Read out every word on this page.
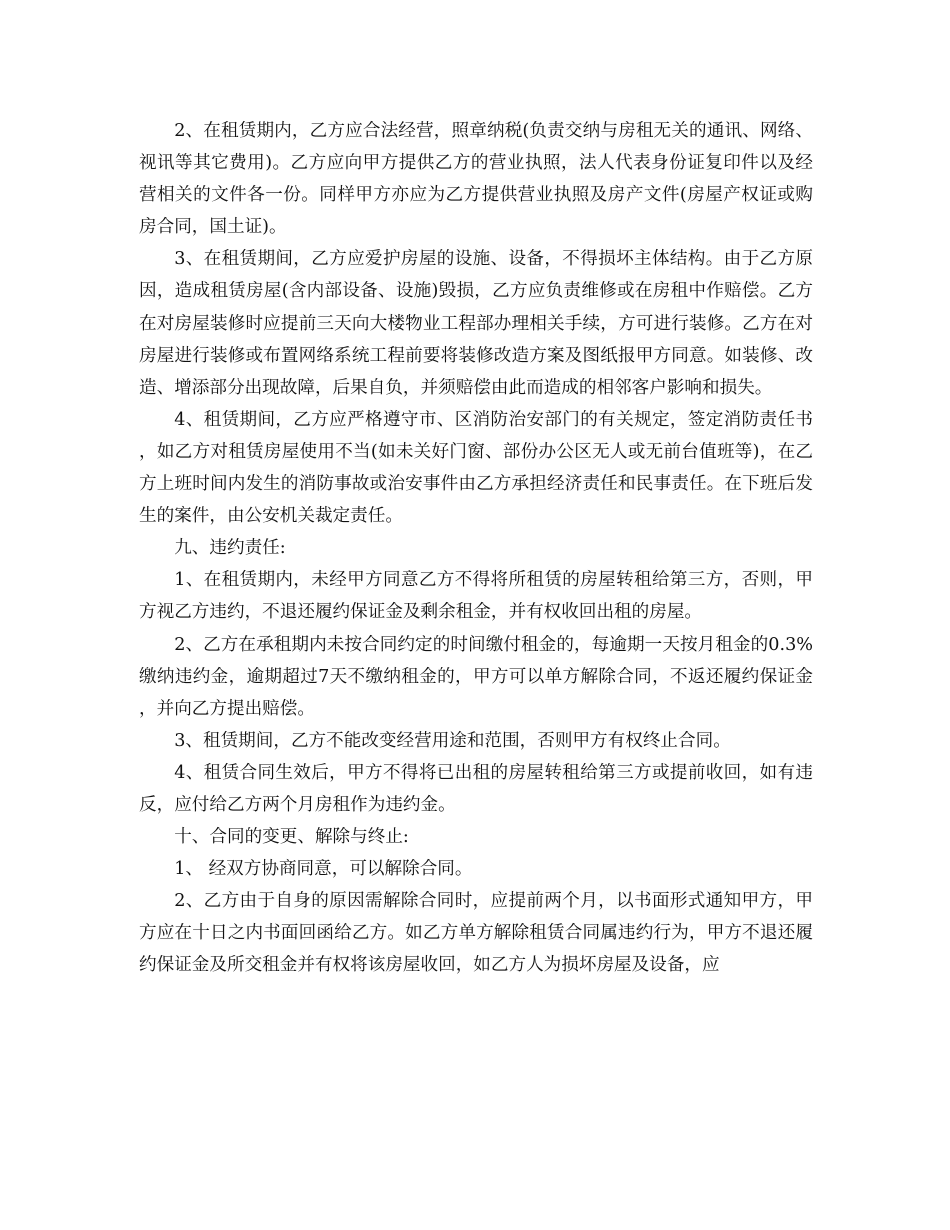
2、在租赁期内，乙方应合法经营，照章纳税(负责交纳与房租无关的通讯、网络、视讯等其它费用)。乙方应向甲方提供乙方的营业执照，法人代表身份证复印件以及经营相关的文件各一份。同样甲方亦应为乙方提供营业执照及房产文件(房屋产权证或购房合同，国土证)。

3、在租赁期间，乙方应爱护房屋的设施、设备，不得损坏主体结构。由于乙方原因，造成租赁房屋(含内部设备、设施)毁损，乙方应负责维修或在房租中作赔偿。乙方在对房屋装修时应提前三天向大楼物业工程部办理相关手续，方可进行装修。乙方在对房屋进行装修或布置网络系统工程前要将装修改造方案及图纸报甲方同意。如装修、改造、增添部分出现故障，后果自负，并须赔偿由此而造成的相邻客户影响和损失。

4、租赁期间，乙方应严格遵守市、区消防治安部门的有关规定，签定消防责任书，如乙方对租赁房屋使用不当(如未关好门窗、部份办公区无人或无前台值班等)，在乙方上班时间内发生的消防事故或治安事件由乙方承担经济责任和民事责任。在下班后发生的案件，由公安机关裁定责任。

九、违约责任:

1、在租赁期内，未经甲方同意乙方不得将所租赁的房屋转租给第三方，否则，甲方视乙方违约，不退还履约保证金及剩余租金，并有权收回出租的房屋。

2、乙方在承租期内未按合同约定的时间缴付租金的，每逾期一天按月租金的0.3%缴纳违约金，逾期超过7天不缴纳租金的，甲方可以单方解除合同，不返还履约保证金，并向乙方提出赔偿。

3、租赁期间，乙方不能改变经营用途和范围，否则甲方有权终止合同。

4、租赁合同生效后，甲方不得将已出租的房屋转租给第三方或提前收回，如有违反，应付给乙方两个月房租作为违约金。

十、合同的变更、解除与终止:

1、 经双方协商同意，可以解除合同。

2、乙方由于自身的原因需解除合同时，应提前两个月，以书面形式通知甲方，甲方应在十日之内书面回函给乙方。如乙方单方解除租赁合同属违约行为，甲方不退还履约保证金及所交租金并有权将该房屋收回，如乙方人为损坏房屋及设备，应
